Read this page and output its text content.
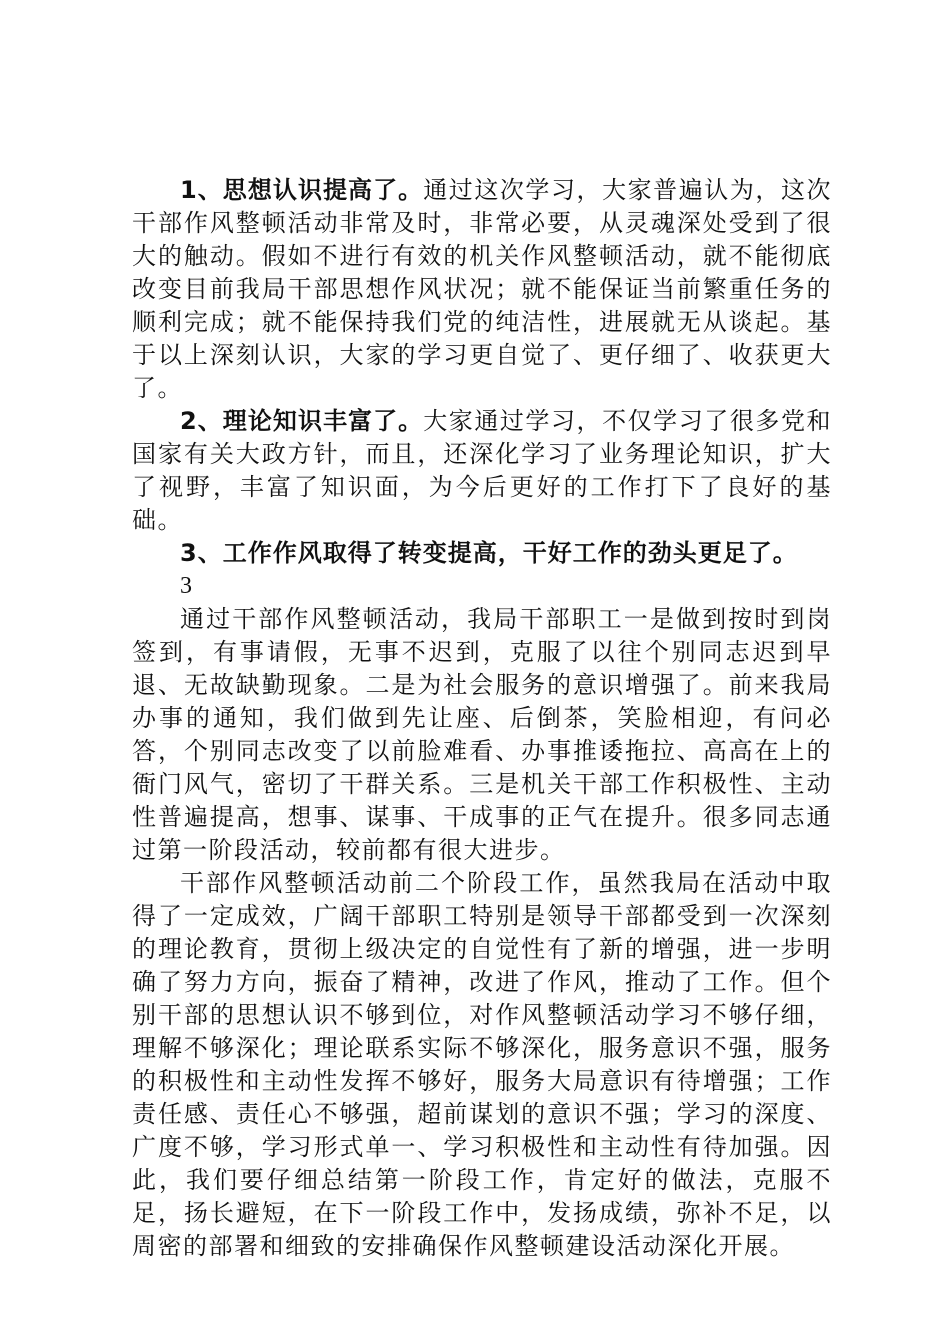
1、思想认识提高了。通过这次学习，大家普遍认为，这次干部作风整顿活动非常及时，非常必要，从灵魂深处受到了很大的触动。假如不进行有效的机关作风整顿活动，就不能彻底改变目前我局干部思想作风状况；就不能保证当前繁重任务的顺利完成；就不能保持我们党的纯洁性，进展就无从谈起。基于以上深刻认识，大家的学习更自觉了、更仔细了、收获更大了。

2、理论知识丰富了。大家通过学习，不仅学习了很多党和国家有关大政方针，而且，还深化学习了业务理论知识，扩大了视野，丰富了知识面，为今后更好的工作打下了良好的基础。

3、工作作风取得了转变提高，干好工作的劲头更足了。

3

通过干部作风整顿活动，我局干部职工一是做到按时到岗签到，有事请假，无事不迟到，克服了以往个别同志迟到早退、无故缺勤现象。二是为社会服务的意识增强了。前来我局办事的通知，我们做到先让座、后倒茶，笑脸相迎，有问必答，个别同志改变了以前脸难看、办事推诿拖拉、高高在上的衙门风气，密切了干群关系。三是机关干部工作积极性、主动性普遍提高，想事、谋事、干成事的正气在提升。很多同志通过第一阶段活动，较前都有很大进步。

干部作风整顿活动前二个阶段工作，虽然我局在活动中取得了一定成效，广阔干部职工特别是领导干部都受到一次深刻的理论教育，贯彻上级决定的自觉性有了新的增强，进一步明确了努力方向，振奋了精神，改进了作风，推动了工作。但个别干部的思想认识不够到位，对作风整顿活动学习不够仔细，理解不够深化；理论联系实际不够深化，服务意识不强，服务的积极性和主动性发挥不够好，服务大局意识有待增强；工作责任感、责任心不够强，超前谋划的意识不强；学习的深度、广度不够，学习形式单一、学习积极性和主动性有待加强。因此，我们要仔细总结第一阶段工作，肯定好的做法，克服不足，扬长避短，在下一阶段工作中，发扬成绩，弥补不足，以周密的部署和细致的安排确保作风整顿建设活动深化开展。
